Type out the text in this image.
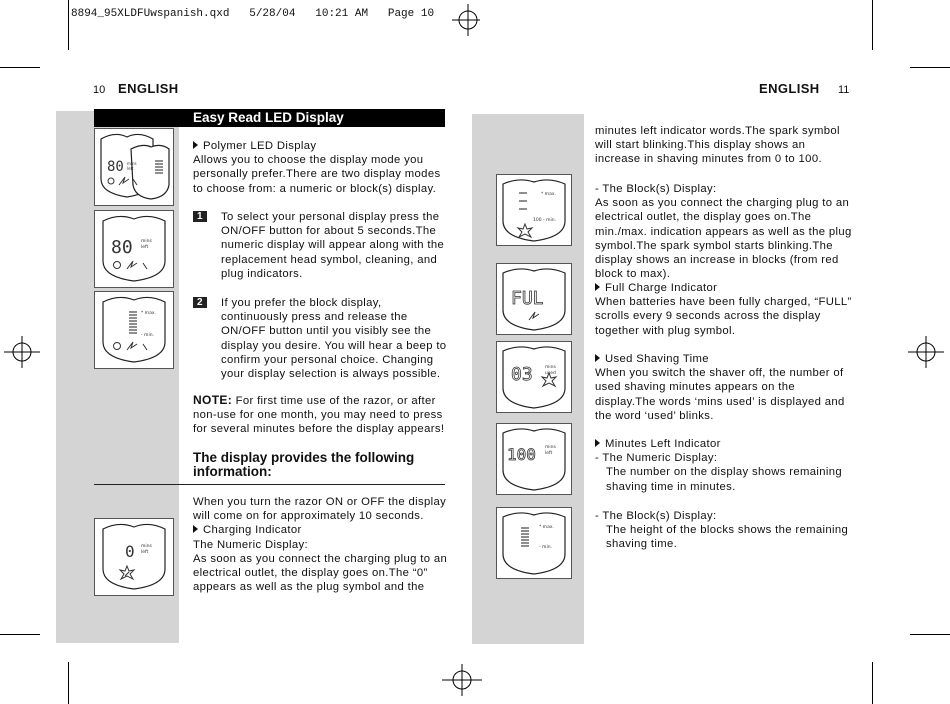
8894_95XLDFUwspanish.qxd   5/28/04   10:21 AM   Page 10
10 ENGLISH	ENGLISH 11
Easy Read LED Display
80 mins
left
80 mins
left
* max.
- min.
0 mins
left

Polymer LED Display

Allows you to choose the display mode you personally prefer.There are two display modes to choose from: a numeric or block(s) display.

1	To select your personal display press the ON/OFF button for about 5 seconds.The numeric display will appear along with the replacement head symbol, cleaning, and plug indicators.

2	If you prefer the block display, continuously press and release the ON/OFF button until you visibly see the display you desire. You will hear a beep to confirm your personal choice. Changing your display selection is always possible.

NOTE: For first time use of the razor, or after non-use for one month, you may need to press for several minutes before the display appears!

The display provides the following information:

When you turn the razor ON or OFF the display will come on for approximately 10 seconds.

Charging Indicator

The Numeric Display:

As soon as you connect the charging plug to an electrical outlet, the display goes on.The “0” appears as well as the plug symbol and the

* max.
100 - min.
FUL
03	mins
used
100 mins
left
* max.
- min.
minutes left indicator words.The spark symbol will start blinking.This display shows an increase in shaving minutes from 0 to 100.

- The Block(s) Display:

As soon as you connect the charging plug to an electrical outlet, the display goes on.The min./max. indication appears as well as the plug symbol.The spark symbol starts blinking.The display shows an increase in blocks (from red block to max).

Full Charge Indicator

When batteries have been fully charged, “FULL” scrolls every 9 seconds across the display together with plug symbol.

Used Shaving Time

When you switch the shaver off, the number of used shaving minutes appears on the display.The words ‘mins used’ is displayed and the word ‘used’ blinks.

Minutes Left Indicator

- The Numeric Display:

The number on the display shows remaining shaving time in minutes.

- The Block(s) Display:

The height of the blocks shows the remaining shaving time.
